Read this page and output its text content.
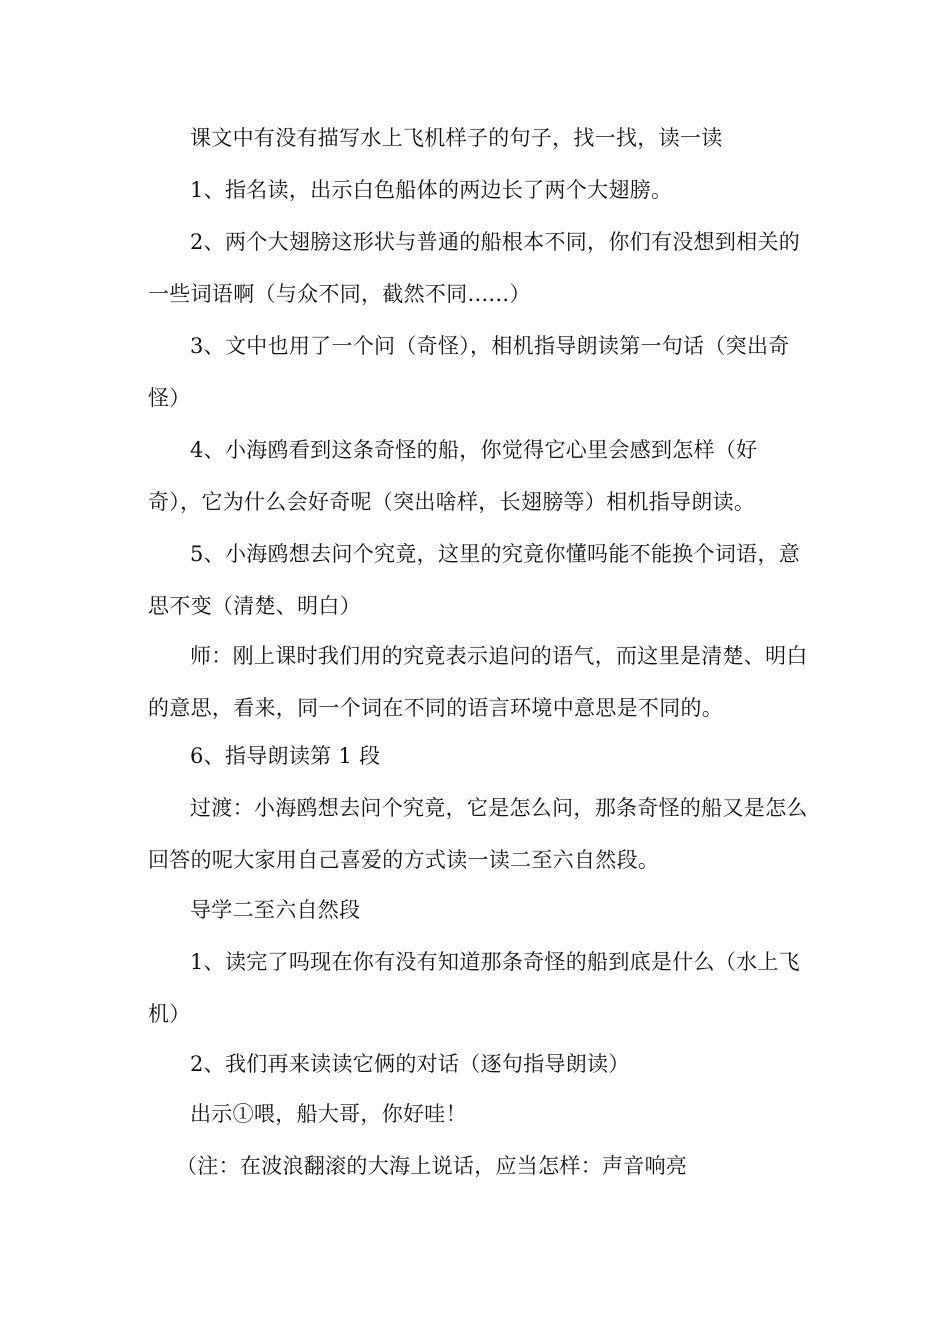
课文中有没有描写水上飞机样子的句子，找一找，读一读

1、指名读，出示白色船体的两边长了两个大翅膀。

2、两个大翅膀这形状与普通的船根本不同，你们有没想到相关的一些词语啊（与众不同，截然不同......）

3、文中也用了一个问（奇怪），相机指导朗读第一句话（突出奇怪）

4、小海鸥看到这条奇怪的船，你觉得它心里会感到怎样（好奇），它为什么会好奇呢（突出啥样，长翅膀等）相机指导朗读。

5、小海鸥想去问个究竟，这里的究竟你懂吗能不能换个词语，意思不变（清楚、明白）

师：刚上课时我们用的究竟表示追问的语气，而这里是清楚、明白的意思，看来，同一个词在不同的语言环境中意思是不同的。

6、指导朗读第 1 段

过渡：小海鸥想去问个究竟，它是怎么问，那条奇怪的船又是怎么回答的呢大家用自己喜爱的方式读一读二至六自然段。

导学二至六自然段

1、读完了吗现在你有没有知道那条奇怪的船到底是什么（水上飞机）

2、我们再来读读它俩的对话（逐句指导朗读）

出示①喂，船大哥，你好哇！

（注：在波浪翻滚的大海上说话，应当怎样：声音响亮
